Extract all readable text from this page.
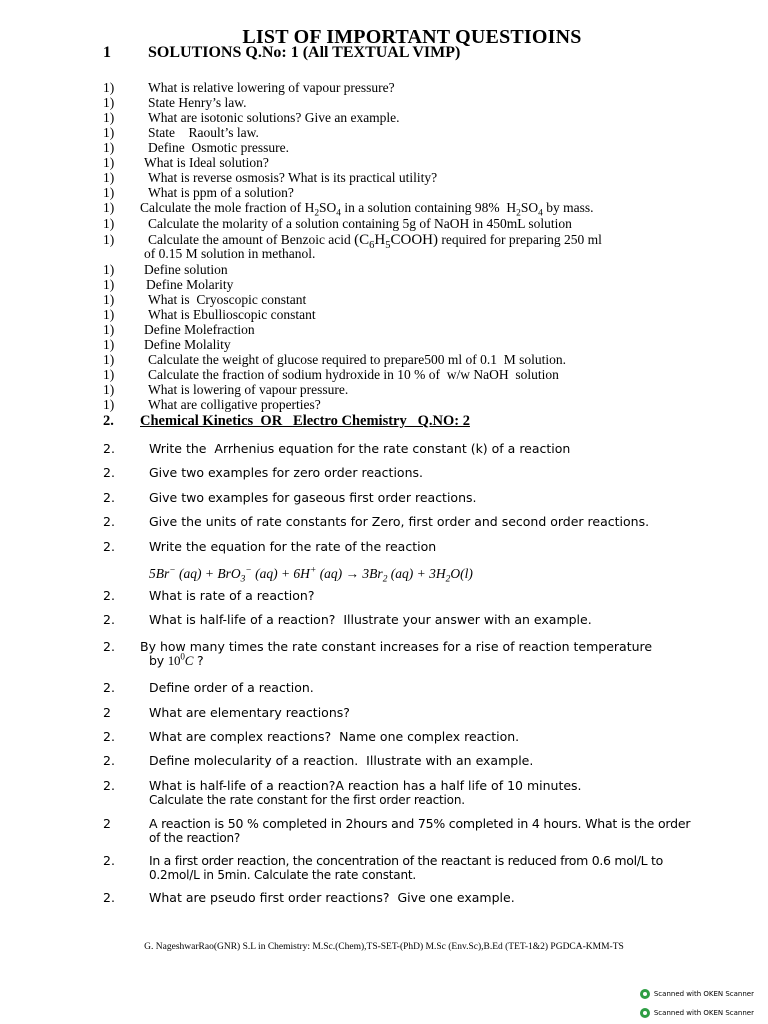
LIST OF IMPORTANT QUESTIOINS
1 SOLUTIONS Q.No: 1 (All TEXTUAL VIMP)
1)	What is relative lowering of vapour pressure?
1)	State Henry’s law.
1)	What are isotonic solutions? Give an example.
1)	State    Raoult’s law.
1)	Define  Osmotic pressure.
1) What is Ideal solution?
1)	What is reverse osmosis? What is its practical utility?
1)	What is ppm of a solution?
1) Calculate the mole fraction of $H_2SO_4$ in a solution containing 98%  $H_2SO_4$ by mass.
1)	Calculate the molarity of a solution containing 5g of NaOH in 450mL solution
1)	Calculate the amount of Benzoic acid $(C_6H_5COOH)$ required for preparing 250 ml
of 0.15 M solution in methanol.
1) Define solution
1) Define Molarity
1)	What is  Cryoscopic constant
1)	What is Ebullioscopic constant
1) Define Molefraction
1) Define Molality
1)	Calculate the weight of glucose required to prepare500 ml of 0.1  M solution.
1)	Calculate the fraction of sodium hydroxide in 10 % of  w/w NaOH  solution
1)	What is lowering of vapour pressure.
1)	What are colligative properties?
2. Chemical Kinetics  OR   Electro Chemistry   Q.NO: 2
2.	Write the  Arrhenius equation for the rate constant (k) of a reaction
2.	Give two examples for zero order reactions.
2.	Give two examples for gaseous first order reactions.
2.	Give the units of rate constants for Zero, first order and second order reactions.
2.	Write the equation for the rate of the reaction
5Br− (aq) + BrO$_3$− (aq) + 6H+ $(aq) \to 3Br_2$ $(aq) + 3H_2O(l)$
2.	What is rate of a reaction?
2.	What is half-life of a reaction?  Illustrate your answer with an example.
2. By how many times the rate constant increases for a rise of reaction temperature
by $10^0C$ ?
2.	Define order of a reaction.
2	What are elementary reactions?
2.	What are complex reactions?  Name one complex reaction.
2.	Define molecularity of a reaction.  Illustrate with an example.
2.	What is half-life of a reaction?A reaction has a half life of 10 minutes.
Calculate the rate constant for the first order reaction.
2	A reaction is 50 % completed in 2hours and 75% completed in 4 hours. What is the order
of the reaction?
2.	In a first order reaction, the concentration of the reactant is reduced from 0.6 mol/L to
0.2mol/L in 5min. Calculate the rate constant.
2.	What are pseudo first order reactions?  Give one example.
G. NageshwarRao(GNR) S.L in Chemistry: M.Sc.(Chem),TS-SET-(PhD) M.Sc (Env.Sc),B.Ed (TET-1&2) PGDCA-KMM-TS
Scanned with OKEN Scanner
Scanned with OKEN Scanner
